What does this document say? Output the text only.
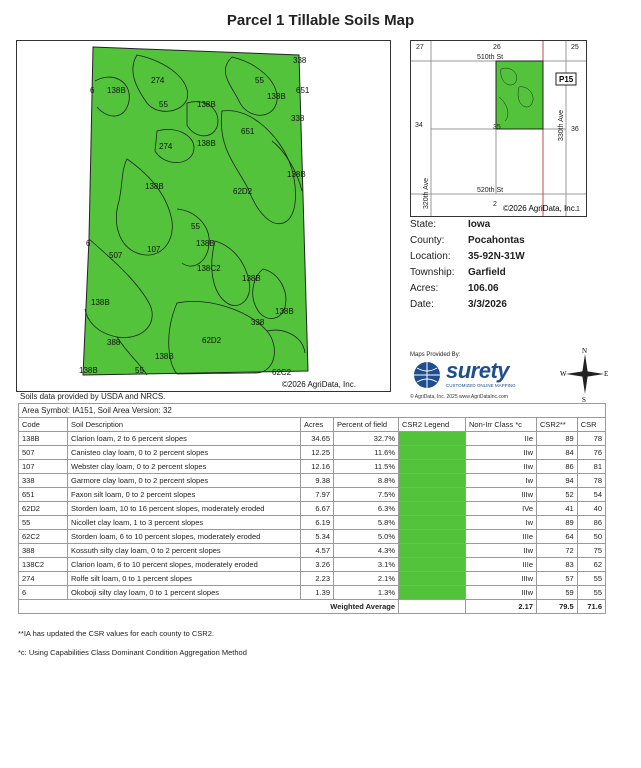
Parcel 1 Tillable Soils Map
338
6 138B
274	55
138B
651
55	138B
338
651
274	138B
138B
138B
62D2
55
507
107
138B
6
138C2
138B
138B
138B
338
388	62D2
138B
138B	55	62C2
©2026 AgriData, Inc.
P15
27	26	25
34	35	36
2
1
510th St
520th St
320th Ave
330th Ave
©2026 AgriData, Inc.
State:	Iowa
County:	Pocahontas
Location:	35-92N-31W
Township:	Garfield
Acres:	106.06
Date:	3/3/2026
Maps Provided By:
surety
CUSTOMIZED ONLINE MAPPING
© AgriData, Inc. 2025 www.AgriDataInc.com
N
S
W	E
Soils data provided by USDA and NRCS.
Area Symbol: IA151, Soil Area Version: 32							
Code	Soil Description	Acres	Percent of field	CSR2 Legend	Non-Irr Class *c	CSR2**	CSR
138B	Clarion loam, 2 to 6 percent slopes	34.65	32.7%		IIe	89	78
507	Canisteo clay loam, 0 to 2 percent slopes	12.25	11.6%		IIw	84	76
107	Webster clay loam, 0 to 2 percent slopes	12.16	11.5%		IIw	86	81
338	Garmore clay loam, 0 to 2 percent slopes	9.38	8.8%		Iw	94	78
651	Faxon silt loam, 0 to 2 percent slopes	7.97	7.5%		IIIw	52	54
62D2	Storden loam, 10 to 16 percent slopes, moderately eroded	6.67	6.3%		IVe	41	40
55	Nicollet clay loam, 1 to 3 percent slopes	6.19	5.8%		Iw	89	86
62C2	Storden loam, 6 to 10 percent slopes, moderately eroded	5.34	5.0%		IIIe	64	50
388	Kossuth silty clay loam, 0 to 2 percent slopes	4.57	4.3%		IIw	72	75
138C2	Clarion loam, 6 to 10 percent slopes, moderately eroded	3.26	3.1%		IIIe	83	62
274	Rolfe silt loam, 0 to 1 percent slopes	2.23	2.1%		IIIw	57	55
6	Okoboji silty clay loam, 0 to 1 percent slopes	1.39	1.3%		IIIw	59	55
Weighted Average					2.17	79.5	71.6
**IA has updated the CSR values for each county to CSR2.
*c: Using Capabilities Class Dominant Condition Aggregation Method
